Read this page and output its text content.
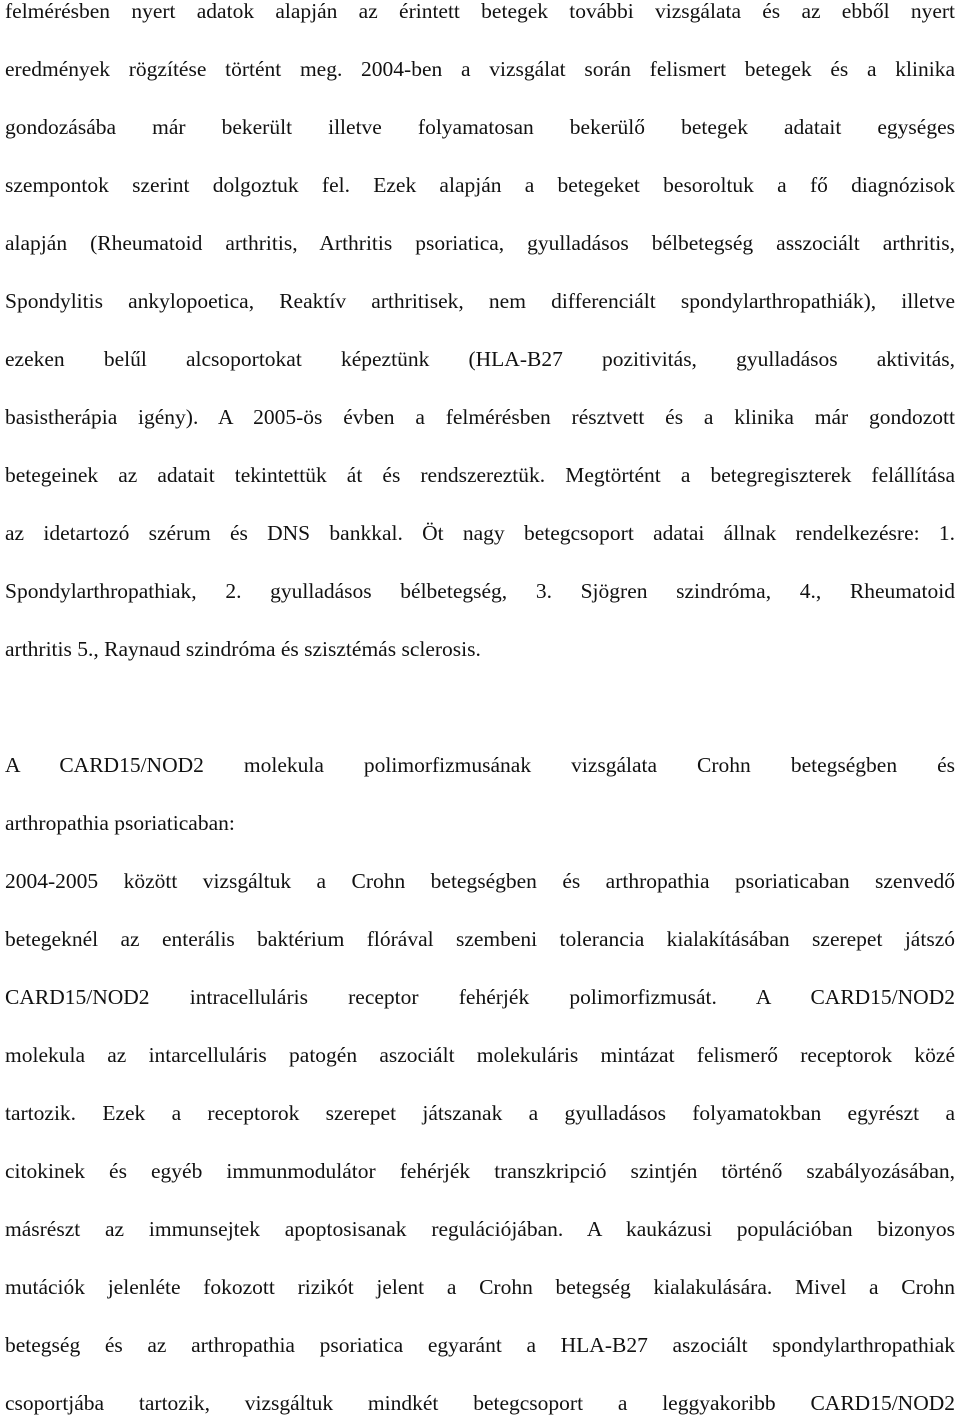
felmérésben nyert adatok alapján az érintett betegek további vizsgálata és az ebből nyert
eredmények rögzítése történt meg. 2004-ben a vizsgálat során felismert betegek és a klinika
gondozásába már bekerült illetve folyamatosan bekerülő betegek adatait egységes
szempontok szerint dolgoztuk fel. Ezek alapján a betegeket besoroltuk a fő diagnózisok
alapján (Rheumatoid arthritis, Arthritis psoriatica, gyulladásos bélbetegség asszociált arthritis,
Spondylitis ankylopoetica, Reaktív arthritisek, nem differenciált spondylarthropathiák), illetve
ezeken belűl alcsoportokat képeztünk (HLA-B27 pozitivitás, gyulladásos aktivitás,
basistherápia igény). A 2005-ös évben a felmérésben résztvett és a klinika már gondozott
betegeinek az adatait tekintettük át és rendszereztük. Megtörtént a betegregiszterek felállítása
az idetartozó szérum és DNS bankkal. Öt nagy betegcsoport adatai állnak rendelkezésre: 1.
Spondylarthropathiak, 2. gyulladásos bélbetegség, 3. Sjögren szindróma, 4., Rheumatoid
arthritis 5., Raynaud szindróma és szisztémás sclerosis.
A CARD15/NOD2 molekula polimorfizmusának vizsgálata Crohn betegségben és
arthropathia psoriaticaban:
2004-2005 között vizsgáltuk a Crohn betegségben és arthropathia psoriaticaban szenvedő
betegeknél az enterális baktérium flórával szembeni tolerancia kialakításában szerepet játszó
CARD15/NOD2 intracelluláris receptor fehérjék polimorfizmusát. A CARD15/NOD2
molekula az intarcelluláris patogén aszociált molekuláris mintázat felismerő receptorok közé
tartozik. Ezek a receptorok szerepet játszanak a gyulladásos folyamatokban egyrészt a
citokinek és egyéb immunmodulátor fehérjék transzkripció szintjén történő szabályozásában,
másrészt az immunsejtek apoptosisanak regulációjában. A kaukázusi populációban bizonyos
mutációk jelenléte fokozott rizikót jelent a Crohn betegség kialakulására. Mivel a Crohn
betegség és az arthropathia psoriatica egyaránt a HLA-B27 aszociált spondylarthropathiak
csoportjába tartozik, vizsgáltuk mindkét betegcsoport a leggyakoribb CARD15/NOD2
